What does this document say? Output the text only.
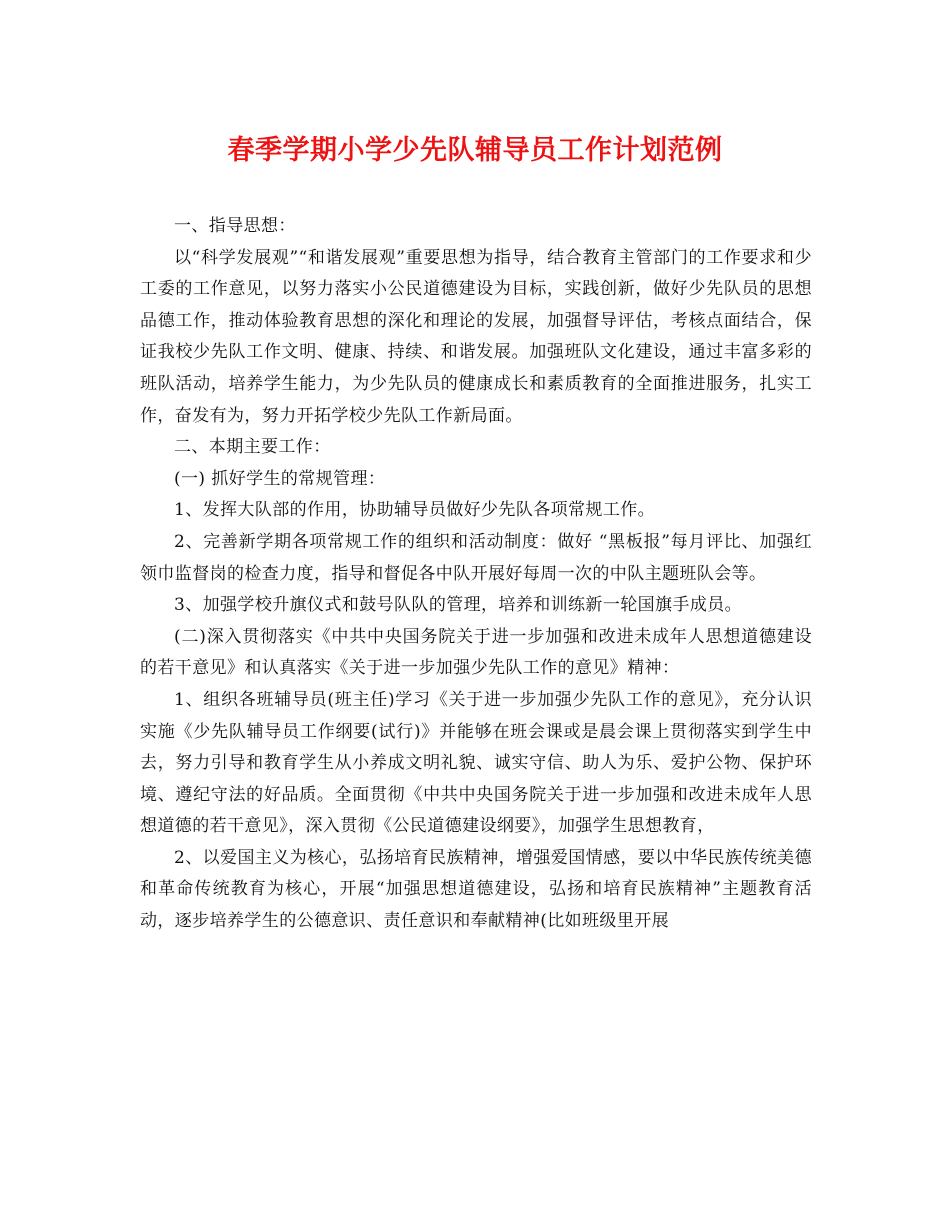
春季学期小学少先队辅导员工作计划范例

一、指导思想：

以“科学发展观”“和谐发展观”重要思想为指导，结合教育主管部门的工作要求和少工委的工作意见，以努力落实小公民道德建设为目标，实践创新，做好少先队员的思想品德工作，推动体验教育思想的深化和理论的发展，加强督导评估，考核点面结合，保证我校少先队工作文明、健康、持续、和谐发展。加强班队文化建设，通过丰富多彩的班队活动，培养学生能力，为少先队员的健康成长和素质教育的全面推进服务，扎实工作，奋发有为，努力开拓学校少先队工作新局面。

二、本期主要工作：

(一) 抓好学生的常规管理：

1、发挥大队部的作用，协助辅导员做好少先队各项常规工作。

2、完善新学期各项常规工作的组织和活动制度：做好 “黑板报”每月评比、加强红领巾监督岗的检查力度，指导和督促各中队开展好每周一次的中队主题班队会等。

3、加强学校升旗仪式和鼓号队队的管理，培养和训练新一轮国旗手成员。

(二)深入贯彻落实《中共中央国务院关于进一步加强和改进未成年人思想道德建设的若干意见》和认真落实《关于进一步加强少先队工作的意见》精神：

1、组织各班辅导员(班主任)学习《关于进一步加强少先队工作的意见》，充分认识实施《少先队辅导员工作纲要(试行)》并能够在班会课或是晨会课上贯彻落实到学生中去，努力引导和教育学生从小养成文明礼貌、诚实守信、助人为乐、爱护公物、保护环境、遵纪守法的好品质。全面贯彻《中共中央国务院关于进一步加强和改进未成年人思想道德的若干意见》，深入贯彻《公民道德建设纲要》，加强学生思想教育，

2、以爱国主义为核心，弘扬培育民族精神，增强爱国情感，要以中华民族传统美德和革命传统教育为核心，开展“加强思想道德建设，弘扬和培育民族精神”主题教育活动，逐步培养学生的公德意识、责任意识和奉献精神(比如班级里开展
